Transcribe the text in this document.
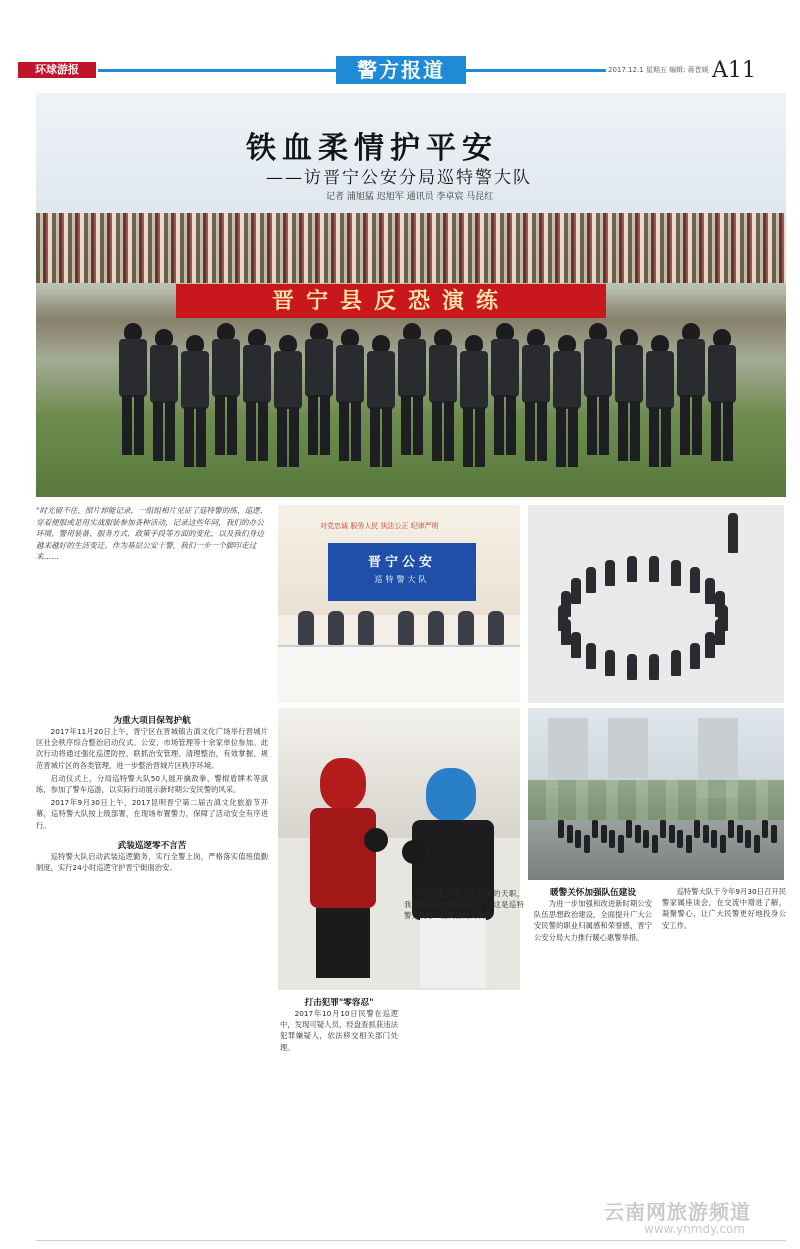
环球游报	警方报道	2017.12.1 星期五 编辑: 蒋晋媛 A11
晋宁县反恐演练
铁血柔情护平安
——访晋宁公安分局巡特警大队
记者 浦旭猛 迟旭军 通讯员 李卓宸 马昆红
"时光留不住，照片却能记录，一组组相片见证了巡特警的练、巡逻、穿着便服或是用实战服装参加各种活动，记录这些年间，我们的办公环境、警用装备、服务方式、政策手段等方面的变化，以及我们身边越来越好的生活变迁。作为基层公安干警，我们一步一个脚印走过来……
对党忠诚 服务人民 执法公正 纪律严明
晋宁公安
巡特警大队
为重大项目保驾护航

2017年11月20日上午，晋宁区在晋城镇古滇文化广场举行晋城片区社会秩序综合整治启动仪式。公安、市场管理等十余家单位参加。此次行动将通过强化巡逻防控、联抓治安管理、清理整治，有效掌握、规范晋城片区的各类管理，进一步整治晋城片区秩序环境。

启动仪式上，分局巡特警大队50人展开擒敌拳、警棍盾牌术等演练，参加了警车巡游，以实际行动展示新时期公安民警的风采。

2017年9月30日上午，2017昆明晋宁第二届古滇文化旅游节开幕，巡特警大队按上级部署，在现场布置警力，保障了活动安全有序进行。

武装巡逻零不言苦

巡特警大队启动武装巡逻勤务，实行全警上岗，严格落实值班值勤制度，实行24小时巡逻守护晋宁街面治安。

打击犯罪"零容忍"

2017年10月10日民警在巡逻中，发现可疑人员，经盘查抓获违法犯罪嫌疑人，依法移交相关部门处理。

"打击犯罪是公安机关的天职，我们要坚决做到零容忍"，这是巡特警大队每一位民警的共识。

暖警关怀加强队伍建设

为进一步加强和改进新时期公安队伍思想政治建设，全面提升广大公安民警的职业归属感和荣誉感，晋宁公安分局大力推行暖心惠警举措。

巡特警大队于今年9月30日召开民警家属座谈会，在交流中增进了解，凝聚警心，让广大民警更好地投身公安工作。

云南网旅游频道
www.ynmdy.com
